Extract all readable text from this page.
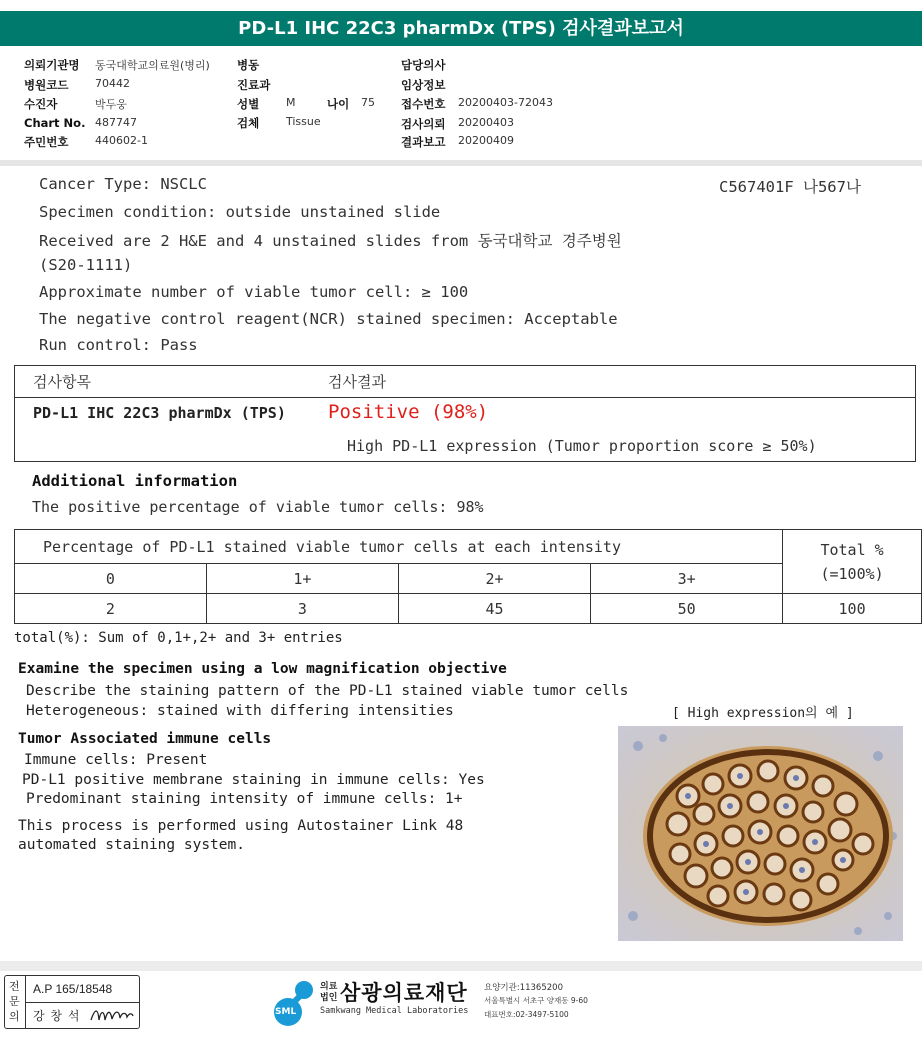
PD-L1 IHC 22C3 pharmDx (TPS) 검사결과보고서
의뢰기관명 동국대학교의료원(병리) 병동	담당의사
병원코드 70442	진료과	임상정보
수진자	박두웅	성별 M	나이 75 접수번호 20200403-72043
Chart No. 487747	검체 Tissue	검사의뢰 20200403
주민번호 440602-1	결과보고 20200409
Cancer Type: NSCLC	C567401F 나567나
Specimen condition: outside unstained slide
Received are 2 H&E and 4 unstained slides from 동국대학교 경주병원
(S20-1111)
Approximate number of viable tumor cell: ≥ 100
The negative control reagent(NCR) stained specimen: Acceptable
Run control: Pass
검사항목	검사결과
PD-L1 IHC 22C3 pharmDx (TPS) Positive (98%)
High PD-L1 expression (Tumor proportion score ≥ 50%)
Additional information
The positive percentage of viable tumor cells: 98%
Percentage of PD-L1 stained viable tumor cells at each intensity				Total %
(=100%)
0	1+	2+	3+	
2	3	45	50	100
total(%): Sum of 0,1+,2+ and 3+ entries
Examine the specimen using a low magnification objective
Describe the staining pattern of the PD-L1 stained viable tumor cells
Heterogeneous: stained with differing intensities	[ High expression의 예 ]
Tumor Associated immune cells
Immune cells: Present
PD-L1 positive membrane staining in immune cells: Yes
Predominant staining intensity of immune cells: 1+
This process is performed using Autostainer Link 48
automated staining system.
전문의
A.P 165/18548
강 창 석	SML
의료
법인 삼광의료재단
Samkwang Medical Laboratories
요양기관:11365200
서울특별시 서초구 양재동 9-60
대표번호:02-3497-5100
